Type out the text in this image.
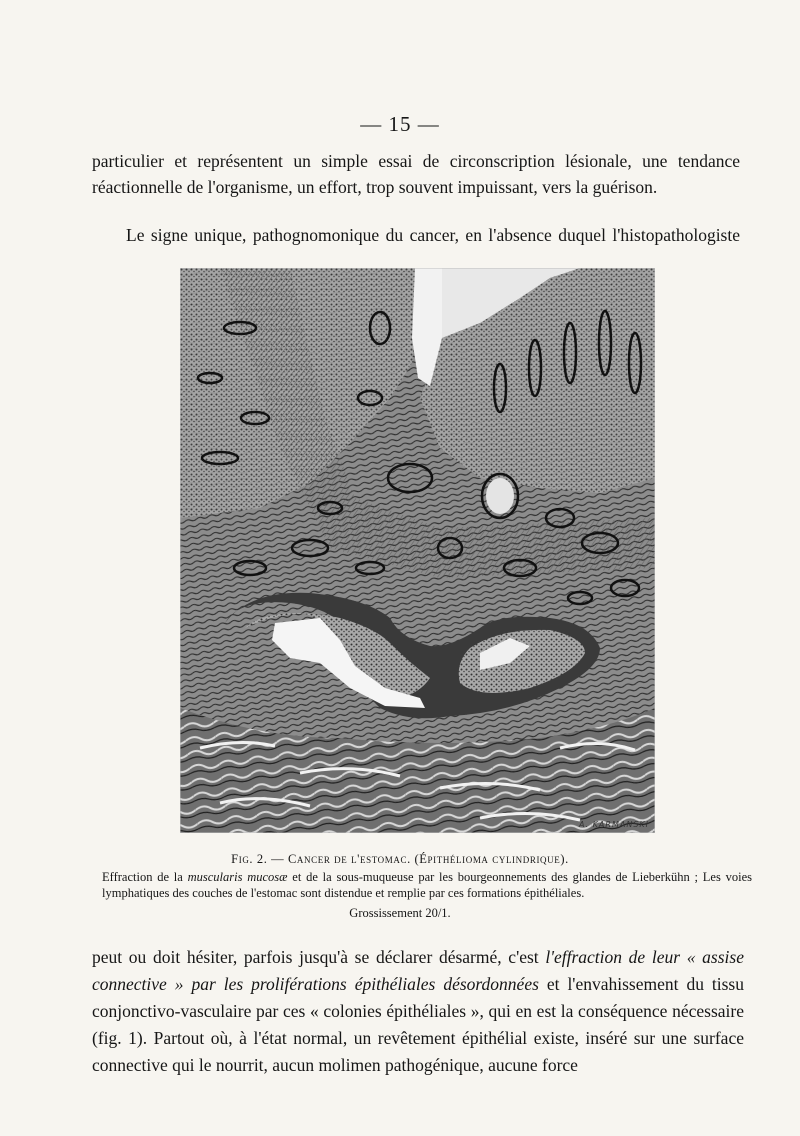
— 15 —

particulier et représentent un simple essai de circonscription lésionale, une tendance réactionnelle de l'organisme, un effort, trop souvent impuissant, vers la guérison.

Le signe unique, pathognomonique du cancer, en l'absence duquel l'histopathologiste

A. KARMANSKI
Fig. 2. — Cancer de l'estomac. (Épithélioma cylindrique).

Effraction de la muscularis mucosæ et de la sous-muqueuse par les bourgeonnements des glandes de Lieberkühn ; Les voies lymphatiques des couches de l'estomac sont distendue et remplie par ces formations épithéliales.

Grossissement 20/1.

peut ou doit hésiter, parfois jusqu'à se déclarer désarmé, c'est l'effraction de leur « assise connective » par les proliférations épithéliales désordonnées et l'envahissement du tissu conjonctivo-vasculaire par ces « colonies épithéliales », qui en est la conséquence nécessaire (fig. 1). Partout où, à l'état normal, un revêtement épithélial existe, inséré sur une surface connective qui le nourrit, aucun molimen pathogénique, aucune force
